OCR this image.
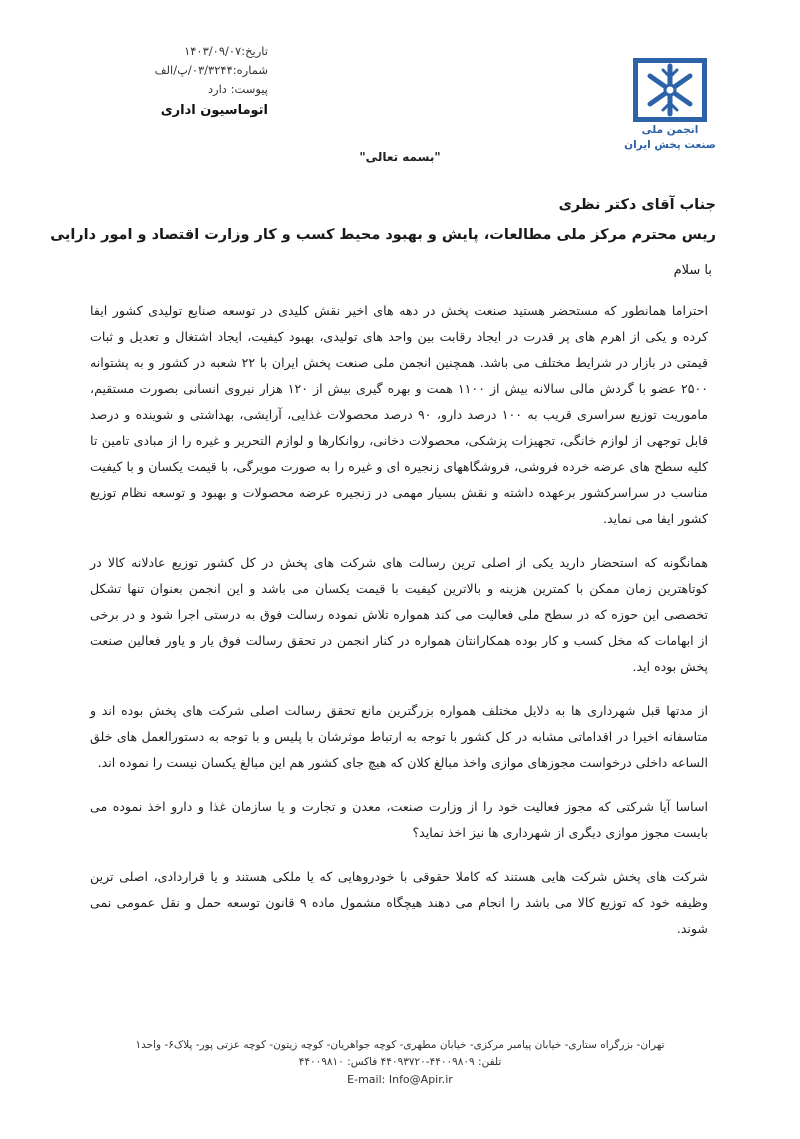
تاریخ:۱۴۰۳/۰۹/۰۷
شماره:۰۳/۳۲۴۴/پ/الف
پیوست: دارد
اتوماسیون اداری
انجمن ملی
صنعت پخش ایران
"بسمه تعالی"
جناب آقای دکتر نظری
ریس محترم مرکز ملی مطالعات، پایش و بهبود محیط کسب و کار وزارت اقتصاد و امور دارایی
با سلام

احتراما همانطور که مستحضر هستید صنعت پخش در دهه های اخیر نقش کلیدی در توسعه صنایع تولیدی کشور ایفا کرده و یکی از اهرم های پر قدرت در ایجاد رقابت بین واحد های تولیدی، بهبود کیفیت، ایجاد اشتغال و تعدیل و ثبات قیمتی در بازار در شرایط مختلف می باشد. همچنین انجمن ملی صنعت پخش ایران با ۲۲ شعبه در کشور و به پشتوانه ۲۵۰۰ عضو با گردش مالی سالانه بیش از ۱۱۰۰ همت و بهره گیری بیش از ۱۲۰ هزار نیروی انسانی بصورت مستقیم، ماموریت توزیع سراسری قریب به ۱۰۰ درصد دارو، ۹۰ درصد محصولات غذایی، آرایشی، بهداشتی و شوینده و درصد قابل توجهی از لوازم خانگی، تجهیزات پزشکی، محصولات دخانی، روانکارها و لوازم التحریر و غیره را از مبادی تامین تا کلیه سطح های عرضه خرده فروشی، فروشگاههای زنجیره ای و غیره را به صورت مویرگی، با قیمت یکسان و با کیفیت مناسب در سراسرکشور برعهده داشته و نقش بسیار مهمی در زنجیره عرضه محصولات و بهبود و توسعه نظام توزیع کشور ایفا می نماید.

همانگونه که استحضار دارید یکی از اصلی ترین رسالت های شرکت های پخش در کل کشور توزیع عادلانه کالا در کوتاهترین زمان ممکن با کمترین هزینه و بالاترین کیفیت با قیمت یکسان می باشد و این انجمن بعنوان تنها تشکل تخصصی این حوزه که در سطح ملی فعالیت می کند همواره تلاش نموده رسالت فوق به درستی اجرا شود و در برخی از ابهامات که مخل کسب و کار بوده همکارانتان همواره در کنار انجمن در تحقق رسالت فوق یار و یاور فعالین صنعت پخش بوده اید.

از مدتها قبل شهرداری ها به دلایل مختلف همواره بزرگترین مانع تحقق رسالت اصلی شرکت های پخش بوده اند و متاسفانه اخیرا در اقداماتی مشابه در کل کشور با توجه به ارتباط موثرشان با پلیس و با توجه به دستورالعمل های خلق الساعه داخلی درخواست مجوزهای موازی واخذ مبالغ کلان که هیچ جای کشور هم این مبالغ یکسان نیست را نموده اند.

اساسا آیا شرکتی که مجوز فعالیت خود را از وزارت صنعت، معدن و تجارت و یا سازمان غذا و دارو اخذ نموده می بایست مجوز موازی دیگری از شهرداری ها نیز اخذ نماید؟

شرکت های پخش شرکت هایی هستند که کاملا حقوقی با خودروهایی که یا ملکی هستند و یا قراردادی، اصلی ترین وظیفه خود که توزیع کالا می باشد را انجام می دهند هیچگاه مشمول ماده ۹ قانون توسعه حمل و نقل عمومی نمی شوند.

تهران- بزرگراه ستاری- خیابان پیامبر مرکزی- خیابان مطهری- کوچه جواهریان- کوچه زیتون- کوچه عزتی پور- پلاک۶- واحد۱
تلفن: ۴۴۰۰۹۸۰۹-۴۴۰۹۳۷۲۰ فاکس: ۴۴۰۰۹۸۱۰
E-mail: Info@Apir.ir
